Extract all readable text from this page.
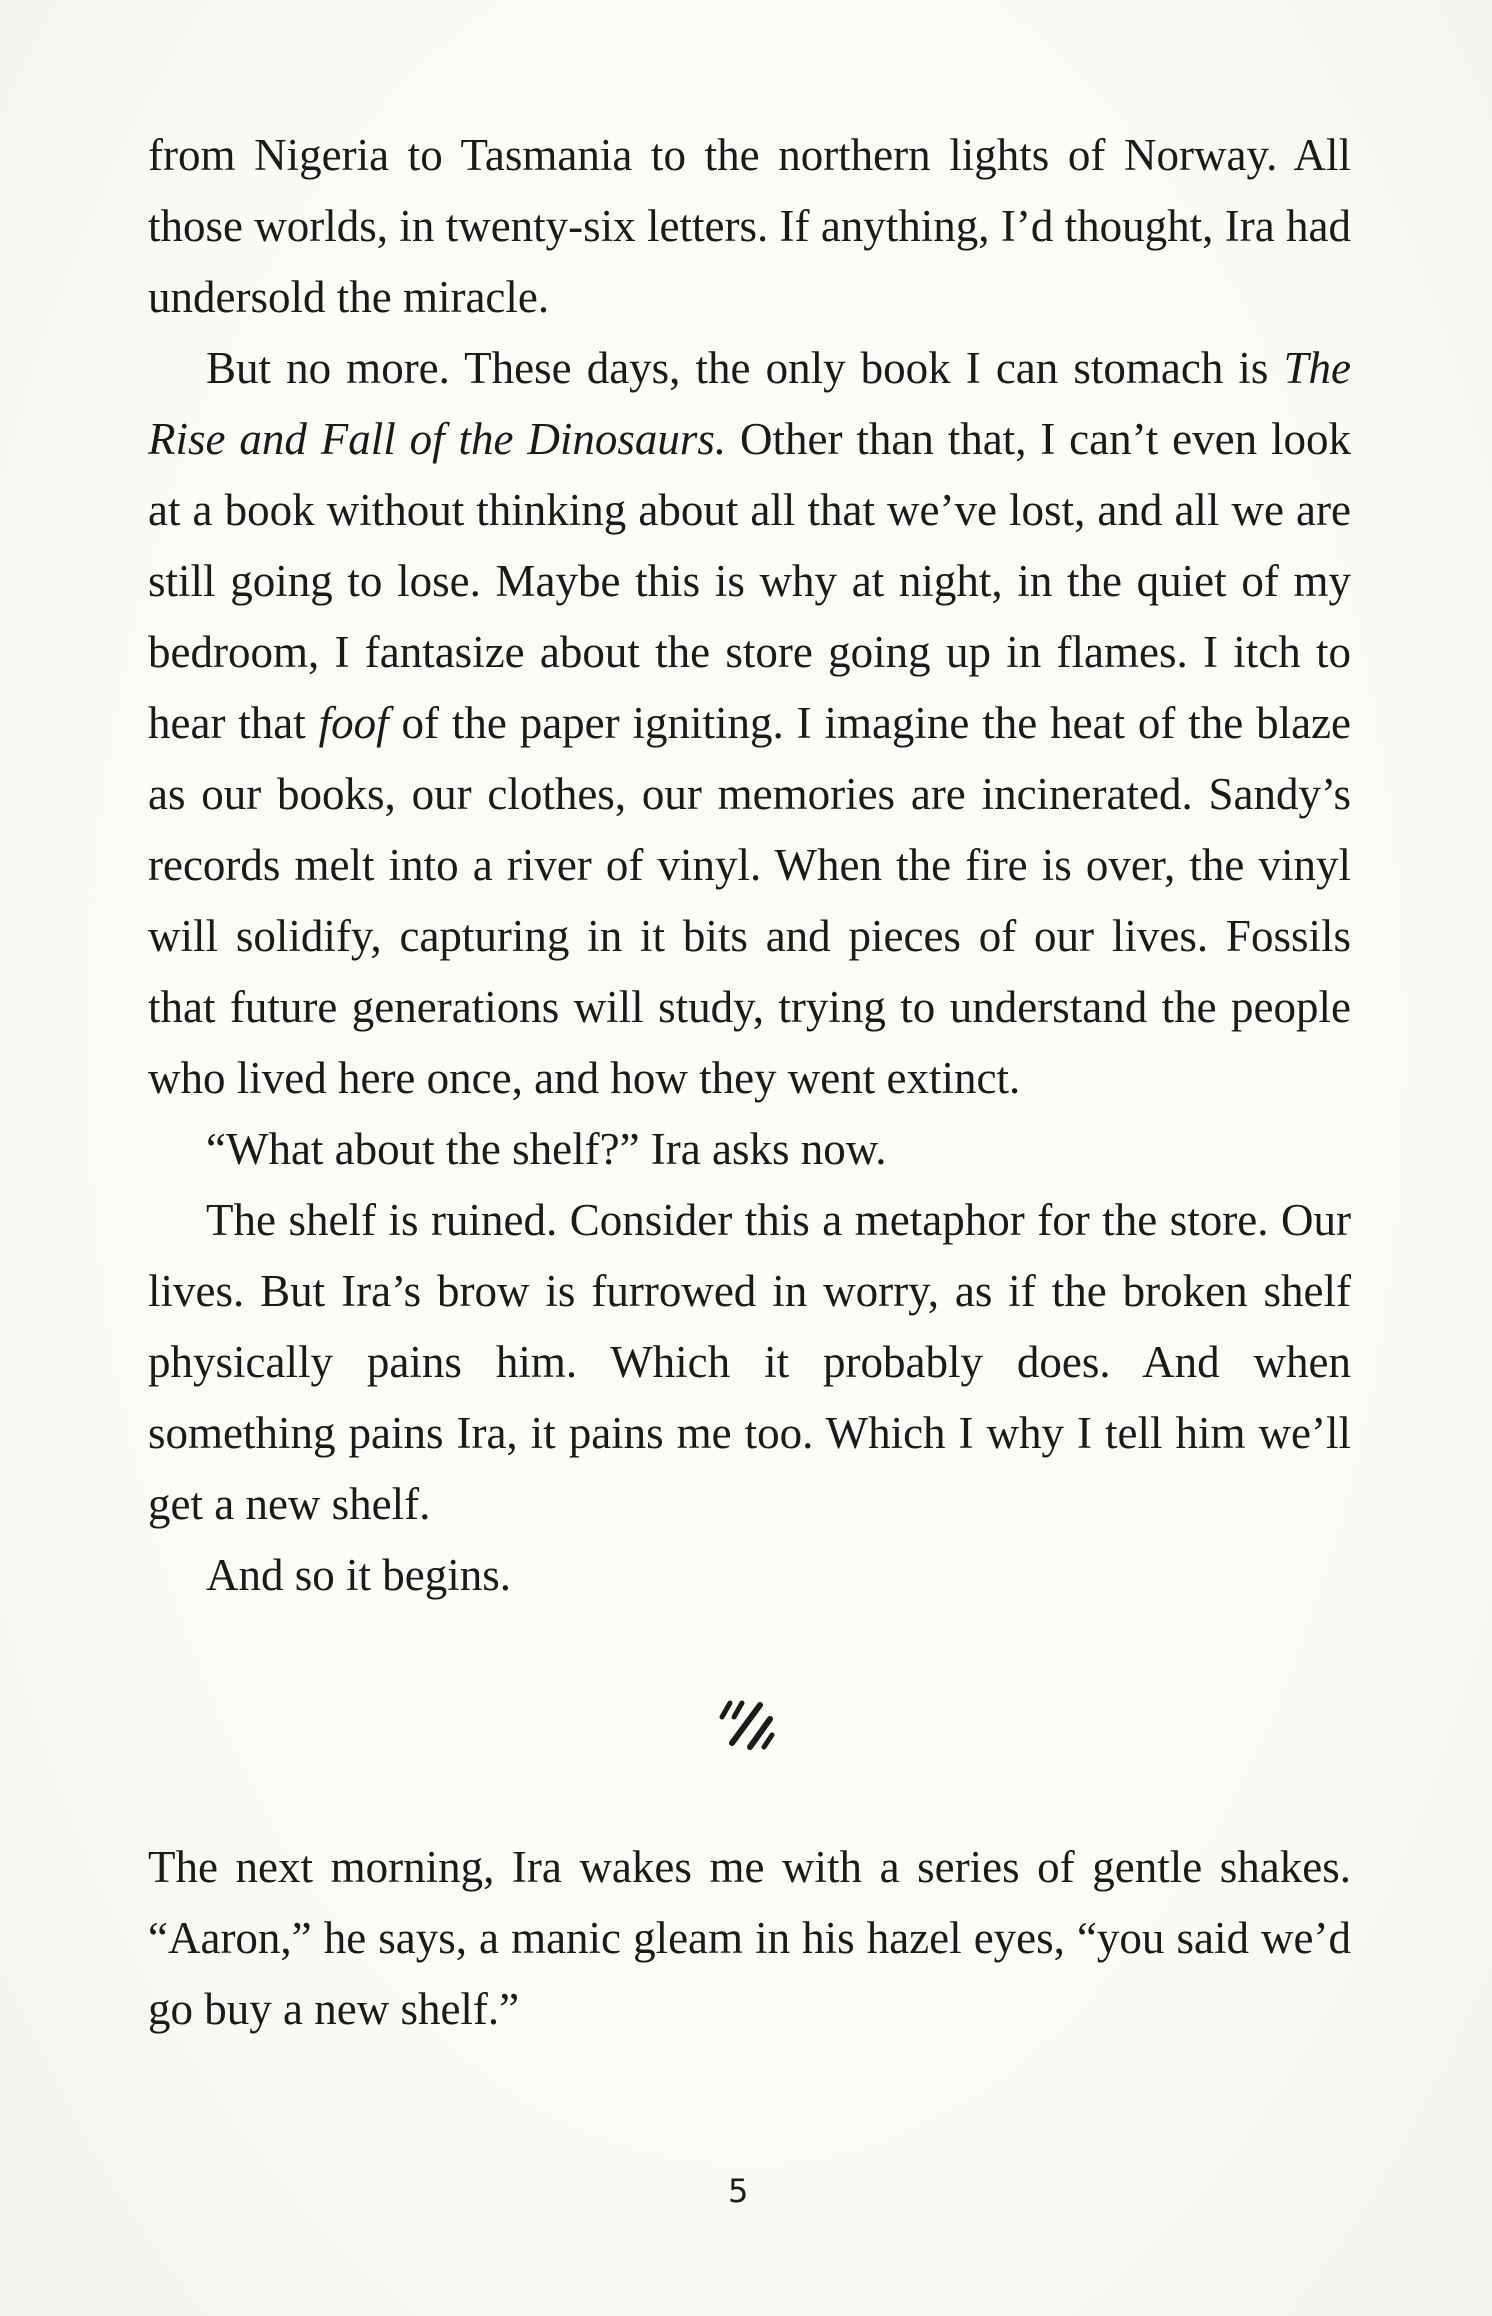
from Nigeria to Tasmania to the northern lights of Norway. All those worlds, in twenty-six letters. If anything, I’d thought, Ira had undersold the miracle.

But no more. These days, the only book I can stomach is The Rise and Fall of the Dinosaurs. Other than that, I can’t even look at a book without thinking about all that we’ve lost, and all we are still going to lose. Maybe this is why at night, in the quiet of my bedroom, I fantasize about the store going up in flames. I itch to hear that foof of the paper igniting. I imagine the heat of the blaze as our books, our clothes, our memories are incinerated. Sandy’s records melt into a river of vinyl. When the fire is over, the vinyl will solidify, capturing in it bits and pieces of our lives. Fossils that future generations will study, trying to understand the people who lived here once, and how they went extinct.

“What about the shelf?” Ira asks now.

The shelf is ruined. Consider this a metaphor for the store. Our lives. But Ira’s brow is furrowed in worry, as if the broken shelf physically pains him. Which it probably does. And when something pains Ira, it pains me too. Which I why I tell him we’ll get a new shelf.

And so it begins.

The next morning, Ira wakes me with a series of gentle shakes. “Aaron,” he says, a manic gleam in his hazel eyes, “you said we’d go buy a new shelf.”

5
